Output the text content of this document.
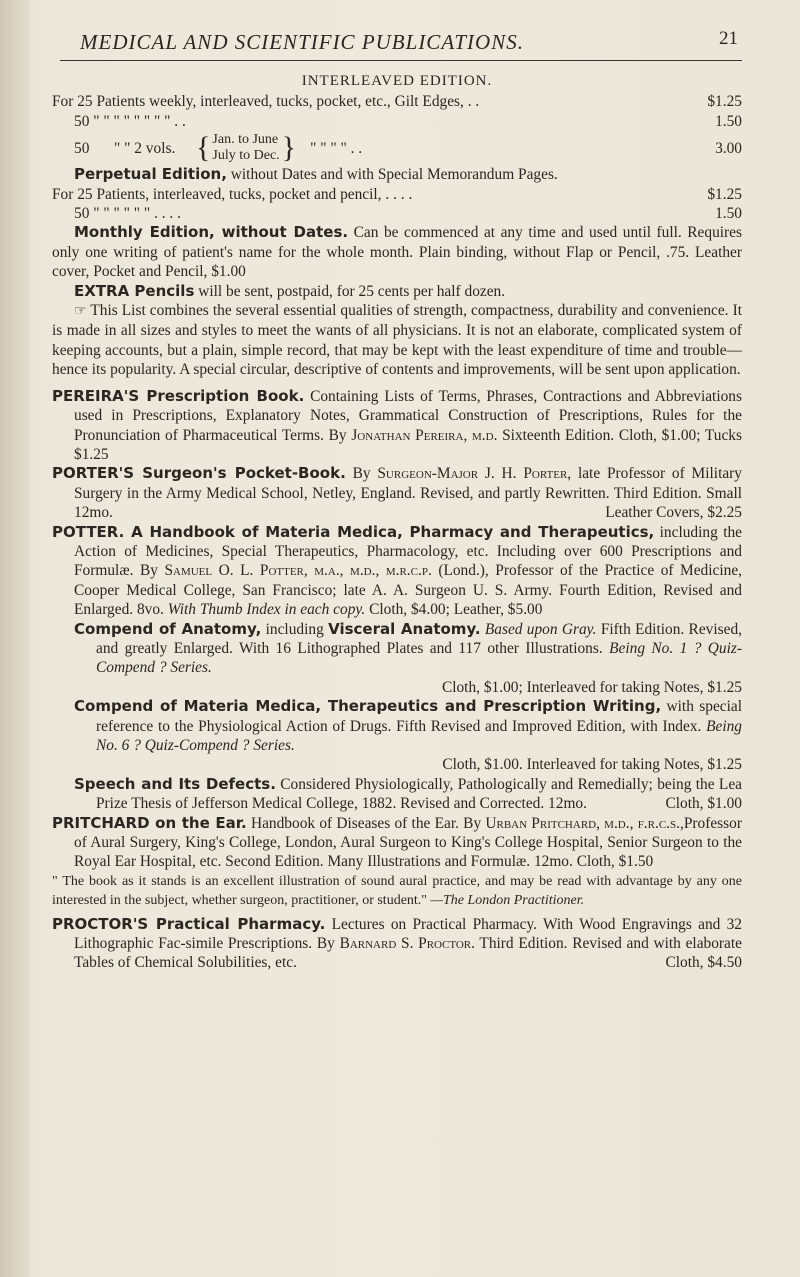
MEDICAL AND SCIENTIFIC PUBLICATIONS.	21

INTERLEAVED EDITION.

For 25 Patients weekly, interleaved, tucks, pocket, etc., Gilt Edges, . .	$1.25
50 " " " " " " " " . .	1.50
50	" " 2 vols. { Jan. to June
July to Dec. } " " " " . .	3.00

Perpetual Edition, without Dates and with Special Memorandum Pages.

For 25 Patients, interleaved, tucks, pocket and pencil, . . . .	$1.25
50 " " " " " " . . . .	1.50

Monthly Edition, without Dates. Can be commenced at any time and used until full. Requires only one writing of patient's name for the whole month. Plain binding, without Flap or Pencil, .75. Leather cover, Pocket and Pencil, $1.00

EXTRA Pencils will be sent, postpaid, for 25 cents per half dozen.

☞ This List combines the several essential qualities of strength, compactness, durability and convenience. It is made in all sizes and styles to meet the wants of all physicians. It is not an elaborate, complicated system of keeping accounts, but a plain, simple record, that may be kept with the least expenditure of time and trouble—hence its popularity. A special circular, descriptive of contents and improvements, will be sent upon application.

PEREIRA'S Prescription Book. Containing Lists of Terms, Phrases, Contractions and Abbreviations used in Prescriptions, Explanatory Notes, Grammatical Construction of Prescriptions, Rules for the Pronunciation of Pharmaceutical Terms. By Jonathan Pereira, m.d. Sixteenth Edition. Cloth, $1.00; Tucks $1.25

PORTER'S Surgeon's Pocket-Book. By Surgeon-Major J. H. Porter, late Professor of Military Surgery in the Army Medical School, Netley, England. Revised, and partly Rewritten. Third Edition. Small 12mo.	Leather Covers, $2.25

POTTER. A Handbook of Materia Medica, Pharmacy and Therapeutics, including the Action of Medicines, Special Therapeutics, Pharmacology, etc. Including over 600 Prescriptions and Formulæ. By Samuel O. L. Potter, m.a., m.d., m.r.c.p. (Lond.), Professor of the Practice of Medicine, Cooper Medical College, San Francisco; late A. A. Surgeon U. S. Army. Fourth Edition, Revised and Enlarged. 8vo. With Thumb Index in each copy. Cloth, $4.00; Leather, $5.00

Compend of Anatomy, including Visceral Anatomy. Based upon Gray. Fifth Edition. Revised, and greatly Enlarged. With 16 Lithographed Plates and 117 other Illustrations. Being No. 1 ? Quiz-Compend ? Series.

Cloth, $1.00; Interleaved for taking Notes, $1.25

Compend of Materia Medica, Therapeutics and Prescription Writing, with special reference to the Physiological Action of Drugs. Fifth Revised and Improved Edition, with Index. Being No. 6 ? Quiz-Compend ? Series.

Cloth, $1.00. Interleaved for taking Notes, $1.25

Speech and Its Defects. Considered Physiologically, Pathologically and Remedially; being the Lea Prize Thesis of Jefferson Medical College, 1882. Revised and Corrected. 12mo.	Cloth, $1.00

PRITCHARD on the Ear. Handbook of Diseases of the Ear. By Urban Pritchard, m.d., f.r.c.s.,Professor of Aural Surgery, King's College, London, Aural Surgeon to King's College Hospital, Senior Surgeon to the Royal Ear Hospital, etc. Second Edition. Many Illustrations and Formulæ. 12mo. Cloth, $1.50

" The book as it stands is an excellent illustration of sound aural practice, and may be read with advantage by any one interested in the subject, whether surgeon, practitioner, or student." —The London Practitioner.

PROCTOR'S Practical Pharmacy. Lectures on Practical Pharmacy. With Wood Engravings and 32 Lithographic Fac-simile Prescriptions. By Barnard S. Proctor. Third Edition. Revised and with elaborate Tables of Chemical Solubilities, etc.	Cloth, $4.50
